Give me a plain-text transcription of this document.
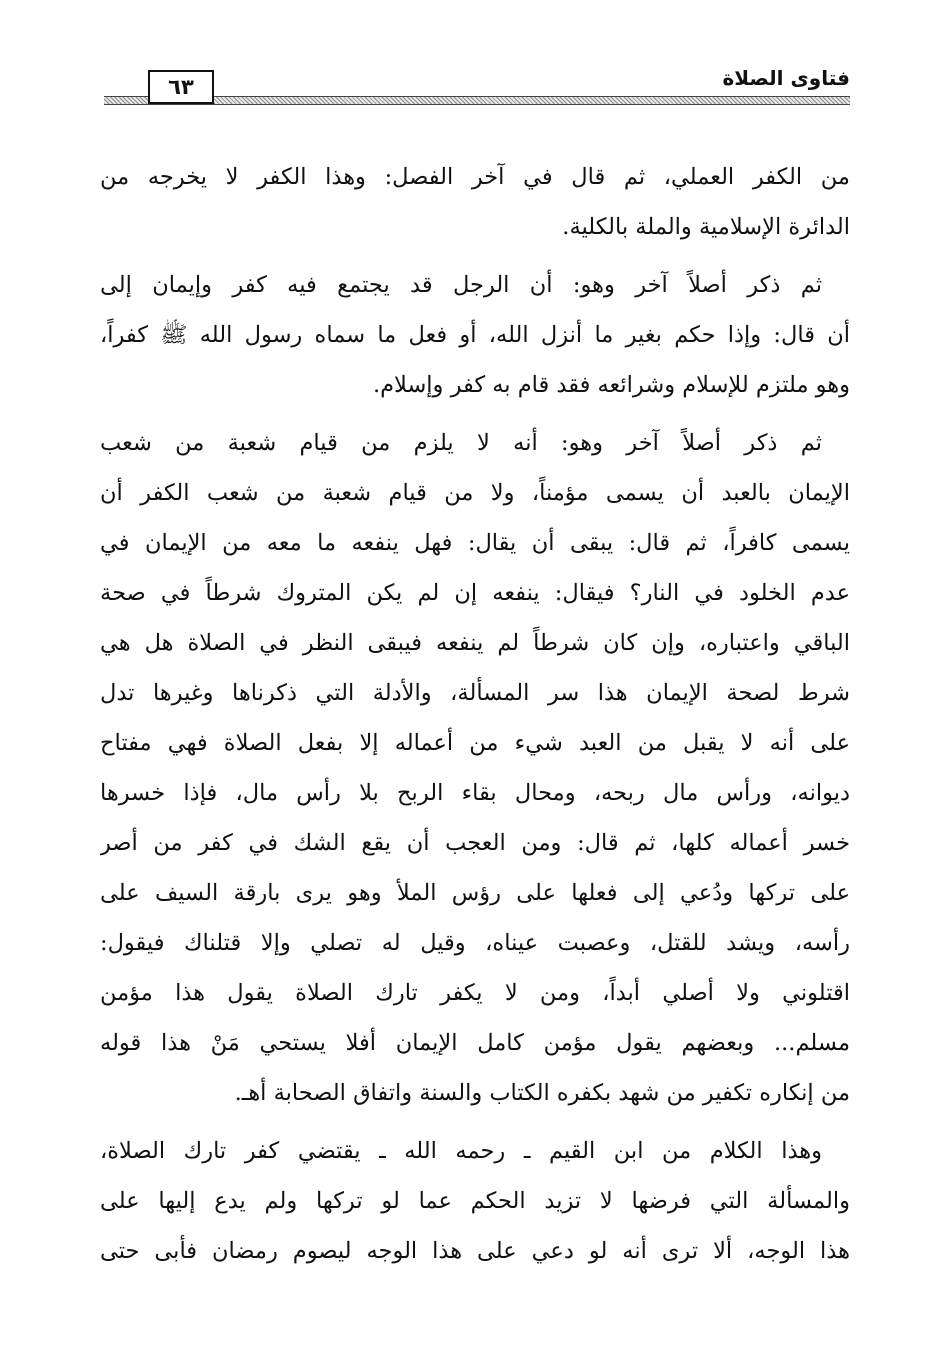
فتاوى الصلاة
٦٣
من الكفر العملي، ثم قال في آخر الفصل: وهذا الكفر لا يخرجه من
الدائرة الإسلامية والملة بالكلية.
ثم ذكر أصلاً آخر وهو: أن الرجل قد يجتمع فيه كفر وإيمان إلى
أن قال: وإذا حكم بغير ما أنزل الله، أو فعل ما سماه رسول الله ﷺ كفراً،
وهو ملتزم للإسلام وشرائعه فقد قام به كفر وإسلام.
ثم ذكر أصلاً آخر وهو: أنه لا يلزم من قيام شعبة من شعب
الإيمان بالعبد أن يسمى مؤمناً، ولا من قيام شعبة من شعب الكفر أن
يسمى كافراً، ثم قال: يبقى أن يقال: فهل ينفعه ما معه من الإيمان في
عدم الخلود في النار؟ فيقال: ينفعه إن لم يكن المتروك شرطاً في صحة
الباقي واعتباره، وإن كان شرطاً لم ينفعه فيبقى النظر في الصلاة هل هي
شرط لصحة الإيمان هذا سر المسألة، والأدلة التي ذكرناها وغيرها تدل
على أنه لا يقبل من العبد شيء من أعماله إلا بفعل الصلاة فهي مفتاح
ديوانه، ورأس مال ربحه، ومحال بقاء الربح بلا رأس مال، فإذا خسرها
خسر أعماله كلها، ثم قال: ومن العجب أن يقع الشك في كفر من أصر
على تركها ودُعي إلى فعلها على رؤس الملأ وهو يرى بارقة السيف على
رأسه، ويشد للقتل، وعصبت عيناه، وقيل له تصلي وإلا قتلناك فيقول:
اقتلوني ولا أصلي أبداً، ومن لا يكفر تارك الصلاة يقول هذا مؤمن
مسلم... وبعضهم يقول مؤمن كامل الإيمان أفلا يستحي مَنْ هذا قوله
من إنكاره تكفير من شهد بكفره الكتاب والسنة واتفاق الصحابة أهـ.
وهذا الكلام من ابن القيم ـ رحمه الله ـ يقتضي كفر تارك الصلاة،
والمسألة التي فرضها لا تزيد الحكم عما لو تركها ولم يدع إليها على
هذا الوجه، ألا ترى أنه لو دعي على هذا الوجه ليصوم رمضان فأبى حتى
